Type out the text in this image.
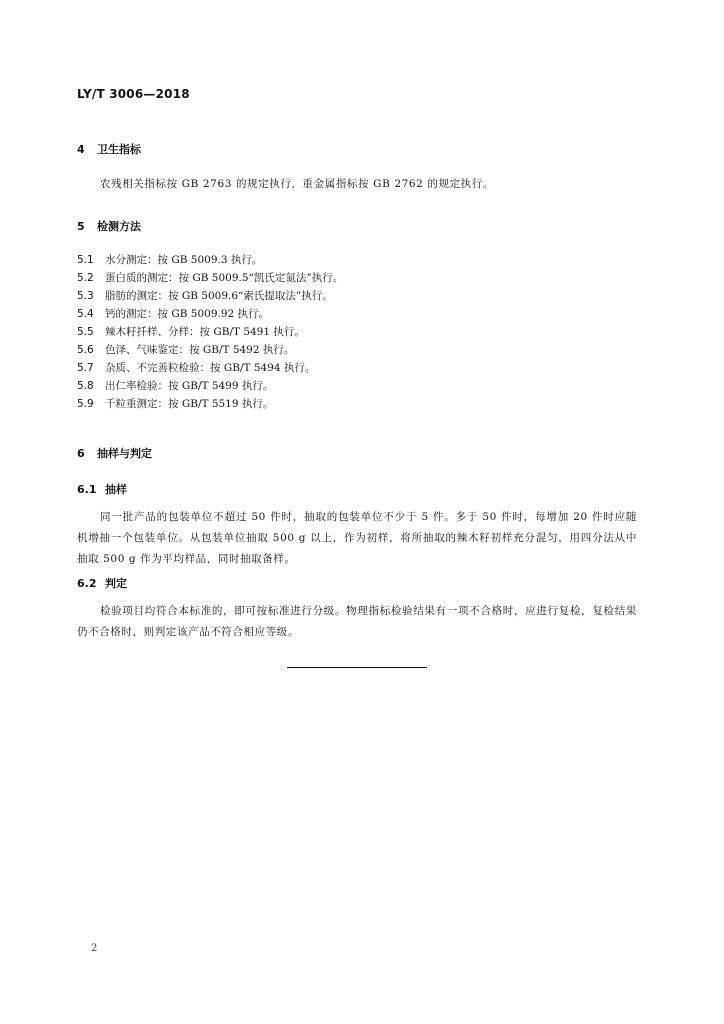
LY/T 3006—2018
4 卫生指标
农残相关指标按 GB 2763 的规定执行，重金属指标按 GB 2762 的规定执行。
5 检测方法
5.1 水分测定：按 GB 5009.3 执行。
5.2 蛋白质的测定：按 GB 5009.5“凯氏定氮法”执行。
5.3 脂肪的测定：按 GB 5009.6“索氏提取法”执行。
5.4 钙的测定：按 GB 5009.92 执行。
5.5 辣木籽扦样、分样：按 GB/T 5491 执行。
5.6 色泽、气味鉴定：按 GB/T 5492 执行。
5.7 杂质、不完善粒检验：按 GB/T 5494 执行。
5.8 出仁率检验：按 GB/T 5499 执行。
5.9 千粒重测定：按 GB/T 5519 执行。
6 抽样与判定
6.1 抽样
同一批产品的包装单位不超过 50 件时，抽取的包装单位不少于 5 件。多于 50 件时，每增加 20 件时应随机增抽一个包装单位。从包装单位抽取 500 g 以上，作为初样，将所抽取的辣木籽初样充分混匀，用四分法从中抽取 500 g 作为平均样品，同时抽取备样。
6.2 判定
检验项目均符合本标准的，即可按标准进行分级。物理指标检验结果有一项不合格时，应进行复检，复检结果仍不合格时，则判定该产品不符合相应等级。
2
